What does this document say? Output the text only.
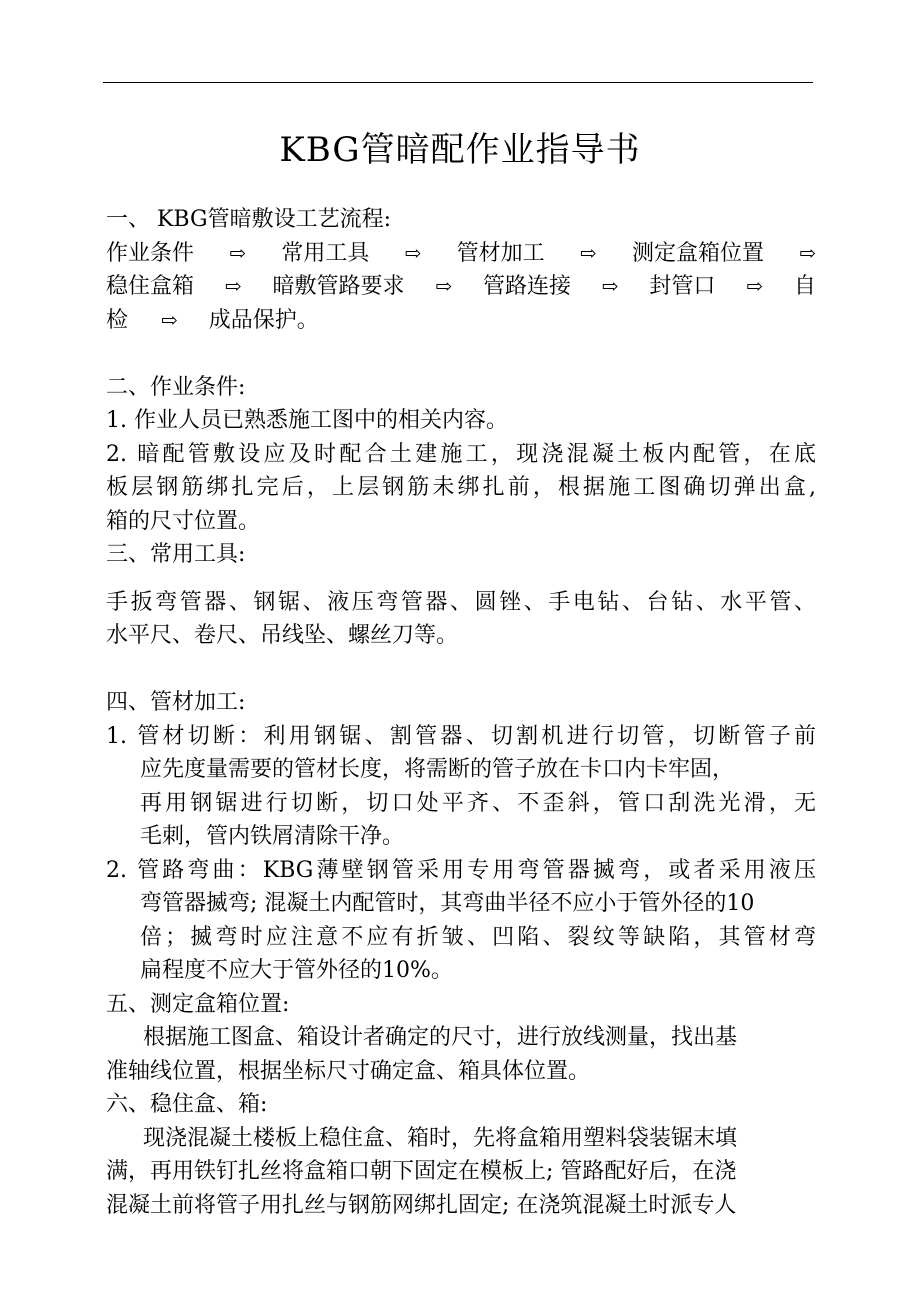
KBG管暗配作业指导书
一、 KBG管暗敷设工艺流程:
作业条件 ⇨ 常用工具 ⇨ 管材加工 ⇨ 测定盒箱位置 ⇨
稳住盒箱 ⇨ 暗敷管路要求 ⇨ 管路连接 ⇨ 封管口 ⇨ 自
检 ⇨ 成品保护。
二、作业条件:
1. 作业人员已熟悉施工图中的相关内容。
2. 暗配管敷设应及时配合土建施工，现浇混凝土板内配管，在底
板层钢筋绑扎完后，上层钢筋未绑扎前，根据施工图确切弹出盒,
箱的尺寸位置。
三、常用工具:
手扳弯管器、钢锯、液压弯管器、圆锉、手电钻、台钻、水平管、
水平尺、卷尺、吊线坠、螺丝刀等。
四、管材加工:
1. 管材切断：利用钢锯、割管器、切割机进行切管，切断管子前
应先度量需要的管材长度，将需断的管子放在卡口内卡牢固，
再用钢锯进行切断，切口处平齐、不歪斜，管口刮洗光滑，无
毛刺，管内铁屑清除干净。
2. 管路弯曲：KBG薄壁钢管采用专用弯管器揻弯，或者采用液压
弯管器揻弯; 混凝土内配管时，其弯曲半径不应小于管外径的10
倍；揻弯时应注意不应有折皱、凹陷、裂纹等缺陷，其管材弯
扁程度不应大于管外径的10%。
五、测定盒箱位置:
根据施工图盒、箱设计者确定的尺寸，进行放线测量，找出基
准轴线位置，根据坐标尺寸确定盒、箱具体位置。
六、稳住盒、箱:
现浇混凝土楼板上稳住盒、箱时，先将盒箱用塑料袋装锯末填
满，再用铁钉扎丝将盒箱口朝下固定在模板上; 管路配好后，在浇
混凝土前将管子用扎丝与钢筋网绑扎固定; 在浇筑混凝土时派专人
